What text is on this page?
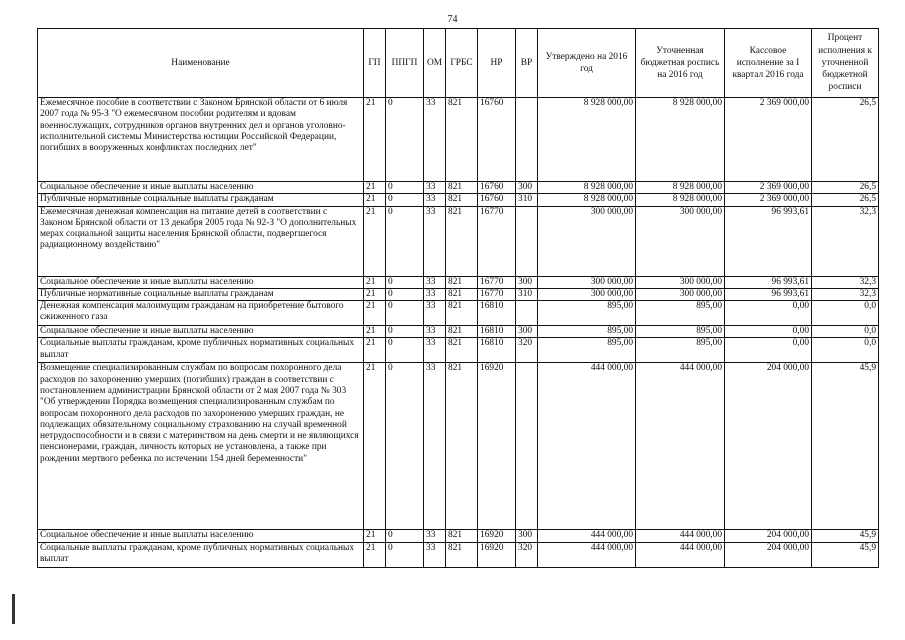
74
Наименование	ГП	ППГП	ОМ	ГРБС	НР	ВР	Утверждено на 2016 год	Уточненная бюджетная роспись на 2016 год	Кассовое исполнение за I квартал 2016 года	Процент исполнения к уточненной бюджетной росписи
Ежемесячное пособие в соответствии с Законом Брянской области от 6 июля 2007 года № 95-З "О ежемесячном пособии родителям и вдовам военнослужащих, сотрудников органов внутренних дел и органов уголовно-исполнительной системы Министерства юстиции Российской Федерации, погибших в вооруженных конфликтах последних лет"	21	0	33	821	16760		8 928 000,00	8 928 000,00	2 369 000,00	26,5
Социальное обеспечение и иные выплаты населению	21	0	33	821	16760	300	8 928 000,00	8 928 000,00	2 369 000,00	26,5
Публичные нормативные социальные выплаты гражданам	21	0	33	821	16760	310	8 928 000,00	8 928 000,00	2 369 000,00	26,5
Ежемесячная денежная компенсация на питание детей в соответствии с Законом Брянской области от 13 декабря 2005 года № 92-З "О дополнительных мерах социальной защиты населения Брянской области, подвергшегося радиационному воздействию"	21	0	33	821	16770		300 000,00	300 000,00	96 993,61	32,3
Социальное обеспечение и иные выплаты населению	21	0	33	821	16770	300	300 000,00	300 000,00	96 993,61	32,3
Публичные нормативные социальные выплаты гражданам	21	0	33	821	16770	310	300 000,00	300 000,00	96 993,61	32,3
Денежная компенсация малоимущим гражданам на приобретение бытового сжиженного газа	21	0	33	821	16810		895,00	895,00	0,00	0,0
Социальное обеспечение и иные выплаты населению	21	0	33	821	16810	300	895,00	895,00	0,00	0,0
Социальные выплаты гражданам, кроме публичных нормативных социальных выплат	21	0	33	821	16810	320	895,00	895,00	0,00	0,0
Возмещение специализированным службам по вопросам похоронного дела расходов по захоронению умерших (погибших) граждан в соответствии с постановлением администрации Брянской области от 2 мая 2007 года № 303 "Об утверждении Порядка возмещения специализированным службам по вопросам похоронного дела расходов по захоронению умерших граждан, не подлежащих обязательному социальному страхованию на случай временной нетрудоспособности и в связи с материнством на день смерти и не являющихся пенсионерами, граждан, личность которых не установлена, а также при рождении мертвого ребенка по истечении 154 дней беременности"	21	0	33	821	16920		444 000,00	444 000,00	204 000,00	45,9
Социальное обеспечение и иные выплаты населению	21	0	33	821	16920	300	444 000,00	444 000,00	204 000,00	45,9
Социальные выплаты гражданам, кроме публичных нормативных социальных выплат	21	0	33	821	16920	320	444 000,00	444 000,00	204 000,00	45,9
